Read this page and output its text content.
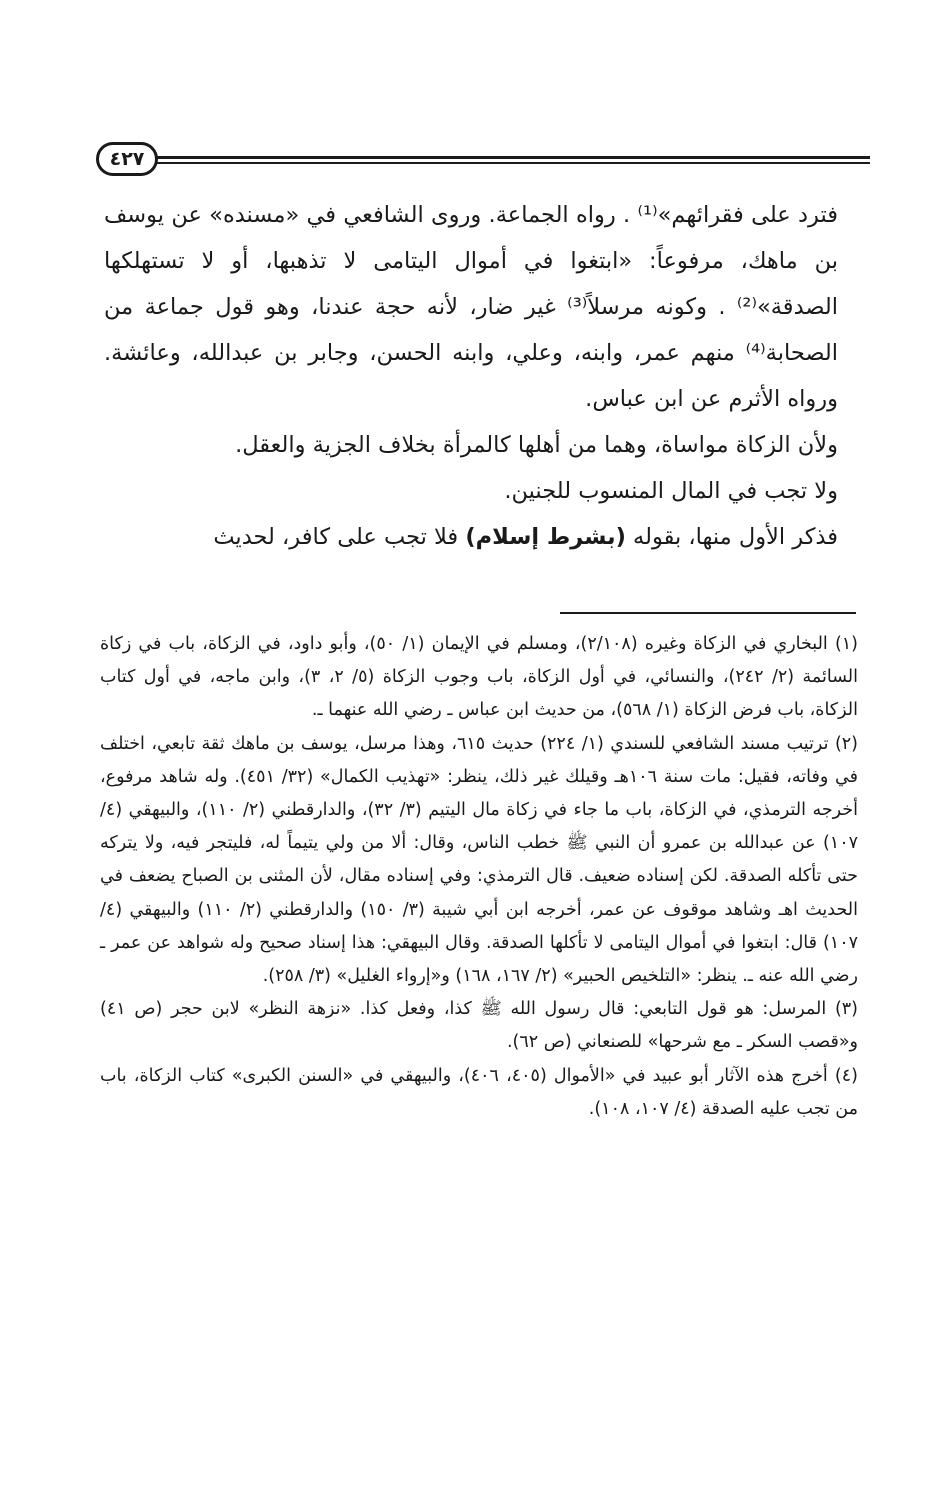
٤٢٧

فترد على فقرائهم»⁽¹⁾ . رواه الجماعة. وروى الشافعي في «مسنده» عن يوسف بن ماهك، مرفوعاً: «ابتغوا في أموال اليتامى لا تذهبها، أو لا تستهلكها الصدقة»⁽²⁾ . وكونه مرسلاً⁽³⁾ غير ضار، لأنه حجة عندنا، وهو قول جماعة من الصحابة⁽⁴⁾ منهم عمر، وابنه، وعلي، وابنه الحسن، وجابر بن عبدالله، وعائشة. ورواه الأثرم عن ابن عباس.

ولأن الزكاة مواساة، وهما من أهلها كالمرأة بخلاف الجزية والعقل.

ولا تجب في المال المنسوب للجنين.

فذكر الأول منها، بقوله (بشرط إسلام) فلا تجب على كافر، لحديث

(١) البخاري في الزكاة وغيره (٢/١٠٨)، ومسلم في الإيمان (١/ ٥٠)، وأبو داود، في الزكاة، باب في زكاة السائمة (٢/ ٢٤٢)، والنسائي، في أول الزكاة، باب وجوب الزكاة (٥/ ٢، ٣)، وابن ماجه، في أول كتاب الزكاة، باب فرض الزكاة (١/ ٥٦٨)، من حديث ابن عباس ـ رضي الله عنهما ـ.

(٢) ترتيب مسند الشافعي للسندي (١/ ٢٢٤) حديث ٦١٥، وهذا مرسل، يوسف بن ماهك ثقة تابعي، اختلف في وفاته، فقيل: مات سنة ١٠٦هـ وقيلك غير ذلك، ينظر: «تهذيب الكمال» (٣٢/ ٤٥١). وله شاهد مرفوع، أخرجه الترمذي، في الزكاة، باب ما جاء في زكاة مال اليتيم (٣/ ٣٢)، والدارقطني (٢/ ١١٠)، والبيهقي (٤/ ١٠٧) عن عبدالله بن عمرو أن النبي ﷺ خطب الناس، وقال: ألا من ولي يتيماً له، فليتجر فيه، ولا يتركه حتى تأكله الصدقة. لكن إسناده ضعيف. قال الترمذي: وفي إسناده مقال، لأن المثنى بن الصباح يضعف في الحديث اهـ وشاهد موقوف عن عمر، أخرجه ابن أبي شيبة (٣/ ١٥٠) والدارقطني (٢/ ١١٠) والبيهقي (٤/ ١٠٧) قال: ابتغوا في أموال اليتامى لا تأكلها الصدقة. وقال البيهقي: هذا إسناد صحيح وله شواهد عن عمر ـ رضي الله عنه ـ. ينظر: «التلخيص الحبير» (٢/ ١٦٧، ١٦٨) و«إرواء الغليل» (٣/ ٢٥٨).

(٣) المرسل: هو قول التابعي: قال رسول الله ﷺ كذا، وفعل كذا. «نزهة النظر» لابن حجر (ص ٤١) و«قصب السكر ـ مع شرحها» للصنعاني (ص ٦٢).

(٤) أخرج هذه الآثار أبو عبيد في «الأموال (٤٠٥، ٤٠٦)، والبيهقي في «السنن الكبرى» كتاب الزكاة، باب من تجب عليه الصدقة (٤/ ١٠٧، ١٠٨).
